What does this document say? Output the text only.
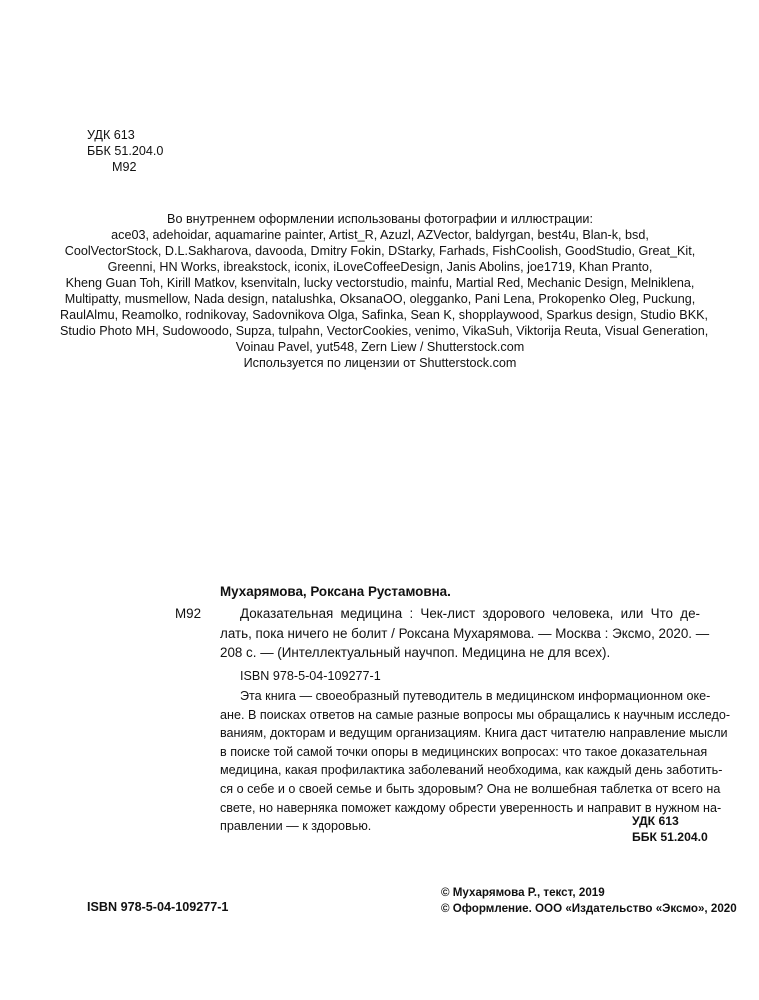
УДК 613
ББК 51.204.0
М92
Во внутреннем оформлении использованы фотографии и иллюстрации:
ace03, adehoidar, aquamarine painter, Artist_R, Azuzl, AZVector, baldyrgan, best4u, Blan-k, bsd,
CoolVectorStock, D.L.Sakharova, davooda, Dmitry Fokin, DStarky, Farhads, FishCoolish, GoodStudio, Great_Kit,
Greenni, HN Works, ibreakstock, iconix, iLoveCoffeeDesign, Janis Abolins, joe1719, Khan Pranto,
Kheng Guan Toh, Kirill Matkov, ksenvitaln, lucky vectorstudio, mainfu, Martial Red, Mechanic Design, Melniklena,
Multipatty, musmellow, Nada design, natalushka, OksanaOO, olegganko, Pani Lena, Prokopenko Oleg, Puckung,
RaulAlmu, Reamolko, rodnikovay, Sadovnikova Olga, Safinka, Sean K, shopplaywood, Sparkus design, Studio BKK,
Studio Photo MH, Sudowoodo, Supza, tulpahn, VectorCookies, venimo, VikaSuh, Viktorija Reuta, Visual Generation,
Voinau Pavel, yut548, Zern Liew / Shutterstock.com
Используется по лицензии от Shutterstock.com
Мухарямова, Роксана Рустамовна.
М92	Доказательная медицина : Чек-лист здорового человека, или Что де-
лать, пока ничего не болит / Роксана Мухарямова. — Москва : Эксмо, 2020. —
208 с. — (Интеллектуальный научпоп. Медицина не для всех).
ISBN 978-5-04-109277-1
Эта книга — своеобразный путеводитель в медицинском информационном оке-
ане. В поисках ответов на самые разные вопросы мы обращались к научным исследо-
ваниям, докторам и ведущим организациям. Книга даст читателю направление мысли
в поиске той самой точки опоры в медицинских вопросах: что такое доказательная
медицина, какая профилактика заболеваний необходима, как каждый день заботить-
ся о себе и о своей семье и быть здоровым? Она не волшебная таблетка от всего на
свете, но наверняка поможет каждому обрести уверенность и направит в нужном на-
правлении — к здоровью.	УДК 613
ББК 51.204.0
© Мухарямова Р., текст, 2019
© Оформление. ООО «Издательство «Эксмо», 2020
ISBN 978-5-04-109277-1
